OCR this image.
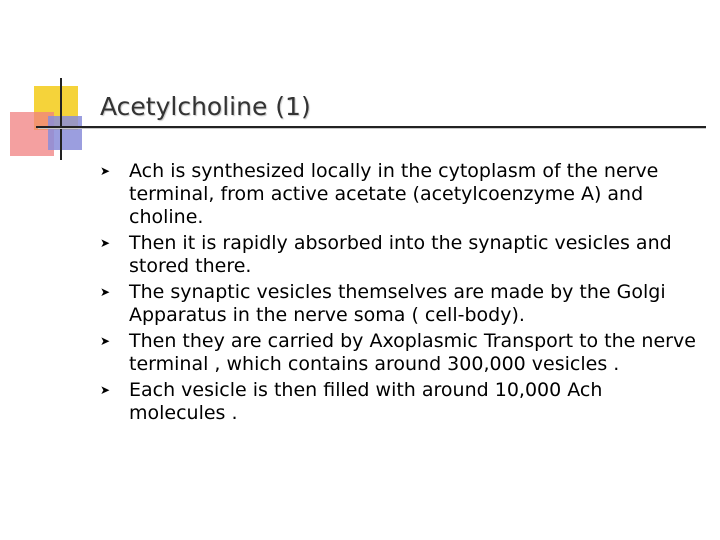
Acetylcholine (1)
➤ Ach is synthesized locally in the cytoplasm of the nerve terminal, from active acetate (acetylcoenzyme A) and choline.
➤ Then it is rapidly absorbed into the synaptic vesicles and stored there.
➤ The synaptic vesicles themselves are made by the Golgi Apparatus in the nerve soma ( cell-body).
➤ Then they are carried by Axoplasmic Transport to the nerve terminal , which contains around 300,000 vesicles .
➤ Each vesicle is then filled with around 10,000 Ach molecules .
